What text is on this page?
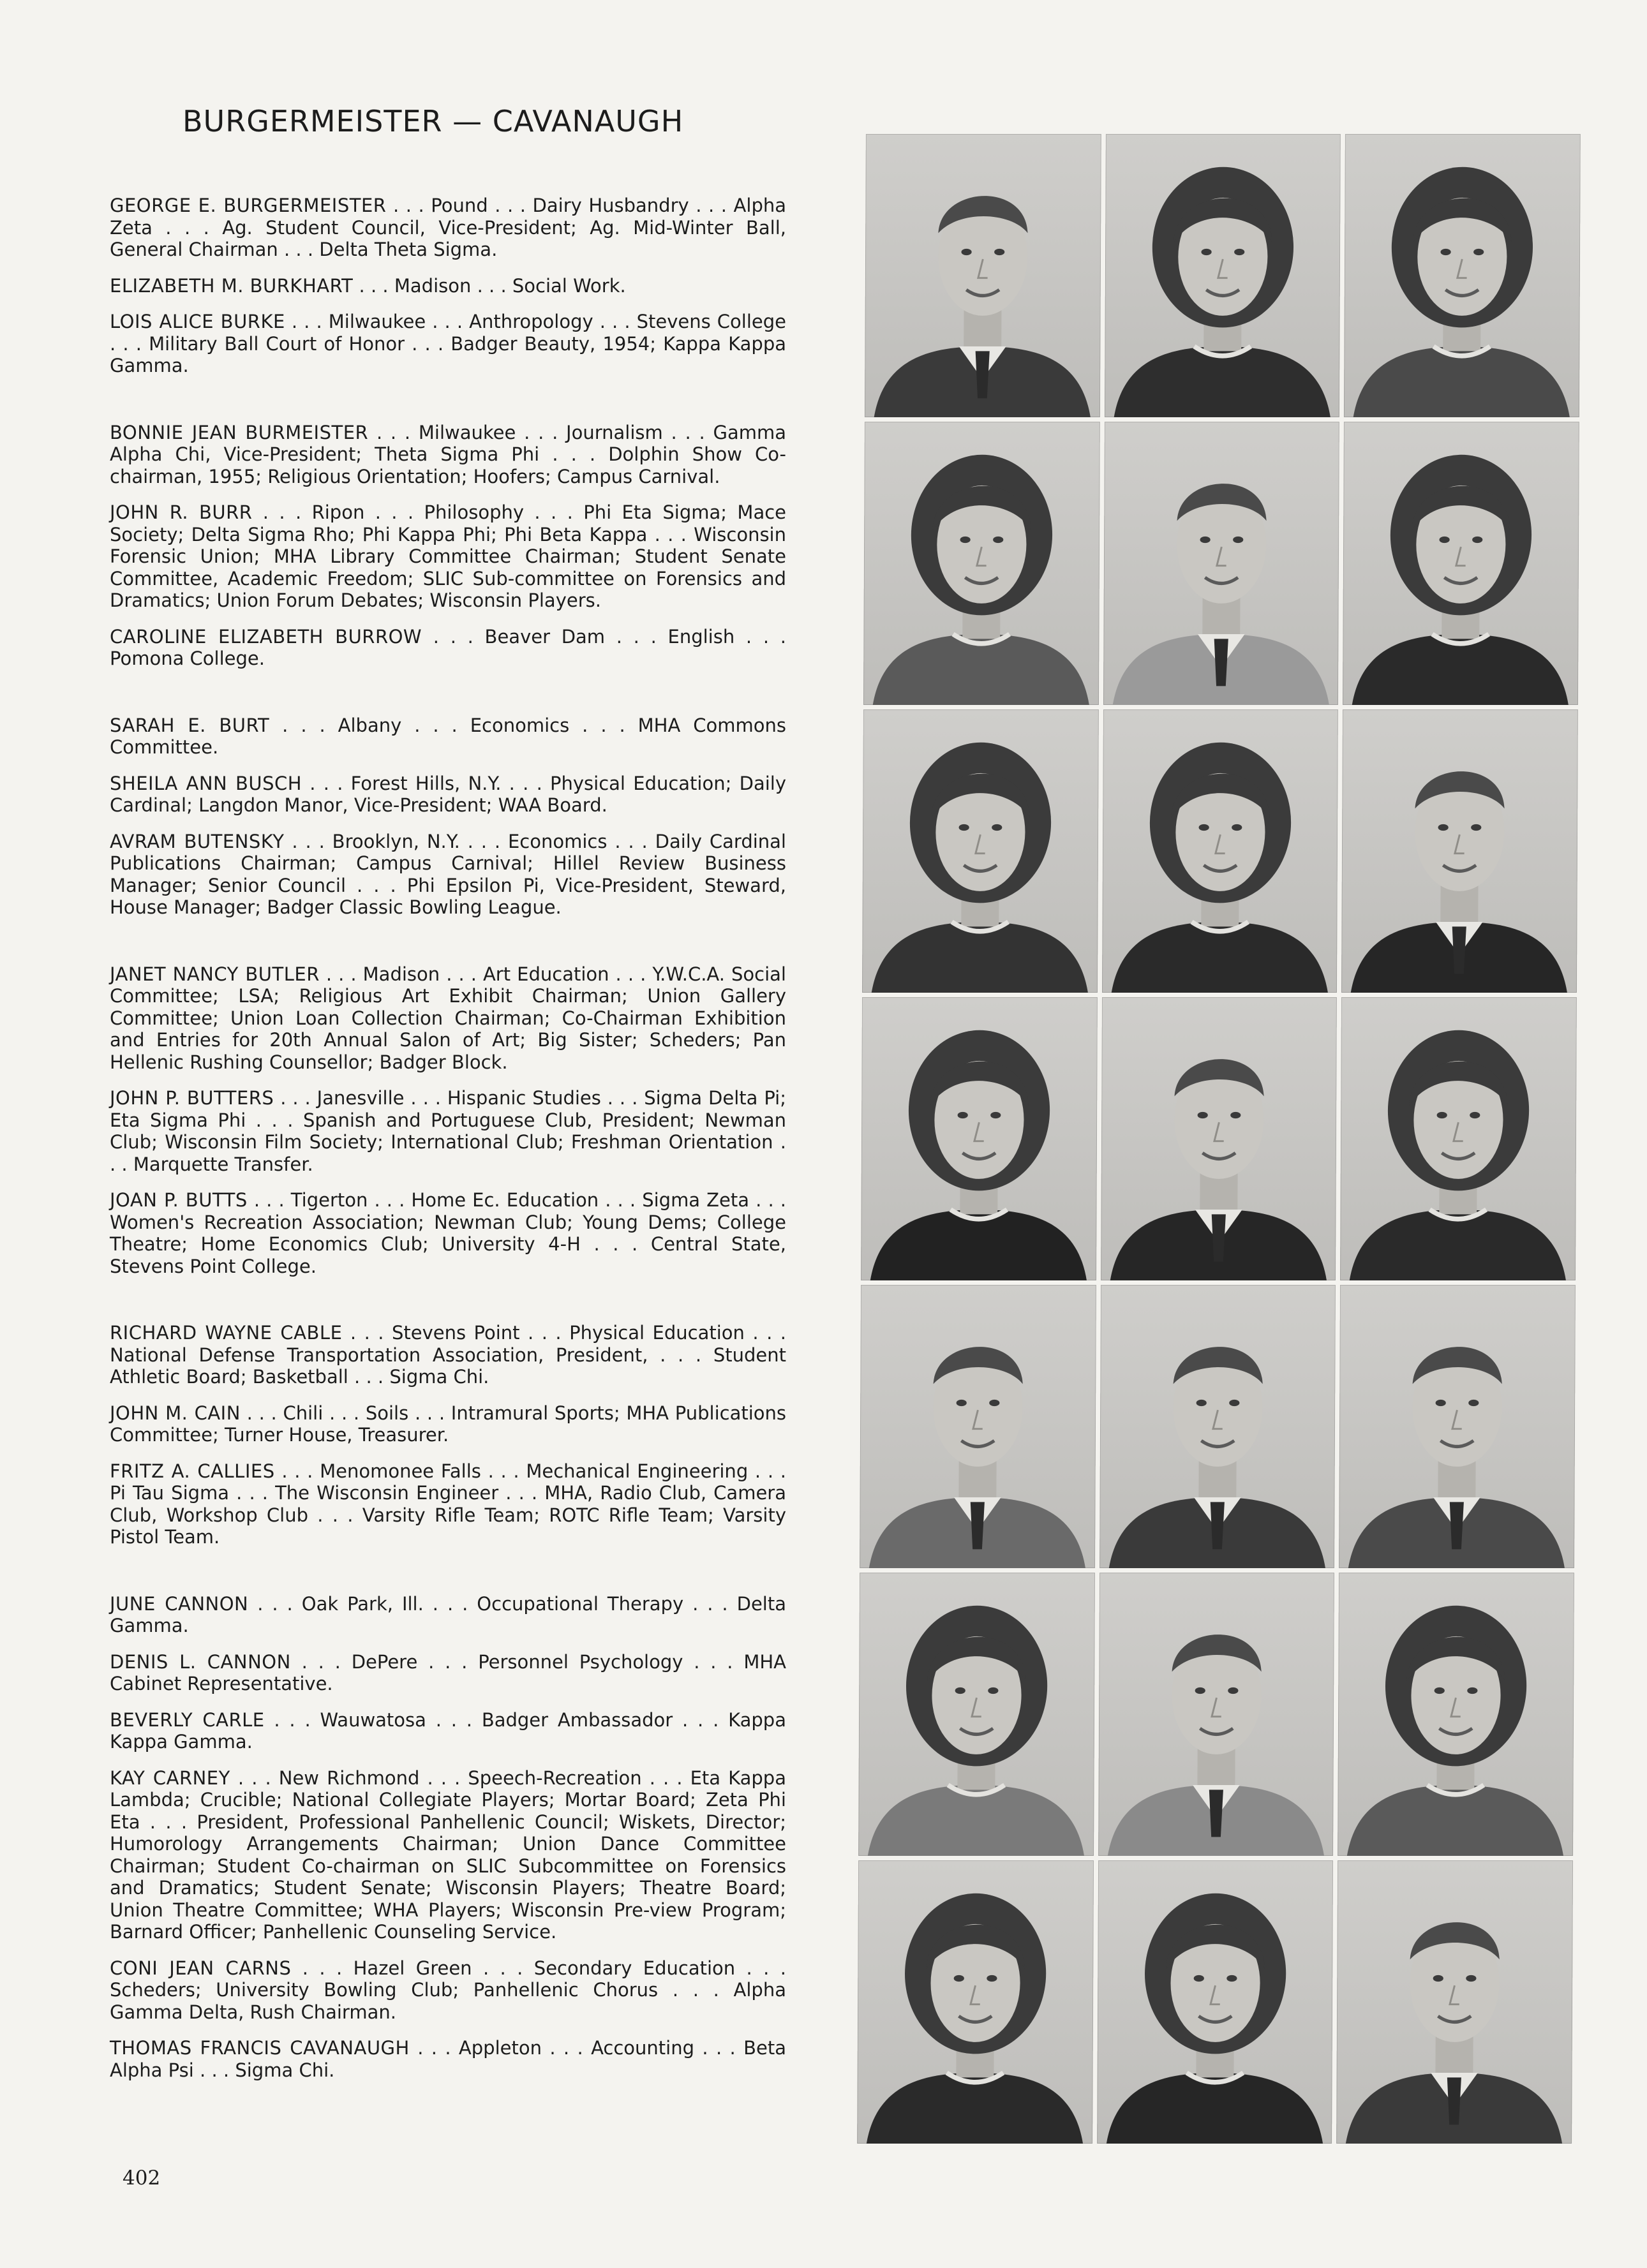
BURGERMEISTER — CAVANAUGH

GEORGE E. BURGERMEISTER . . . Pound . . . Dairy Husbandry . . . Alpha Zeta . . . Ag. Student Council, Vice-President; Ag. Mid-Winter Ball, General Chairman . . . Delta Theta Sigma.

ELIZABETH M. BURKHART . . . Madison . . . Social Work.

LOIS ALICE BURKE . . . Milwaukee . . . Anthropology . . . Stevens College . . . Military Ball Court of Honor . . . Badger Beauty, 1954; Kappa Kappa Gamma.

BONNIE JEAN BURMEISTER . . . Milwaukee . . . Journalism . . . Gamma Alpha Chi, Vice-President; Theta Sigma Phi . . . Dolphin Show Co-chairman, 1955; Religious Orientation; Hoofers; Campus Carnival.

JOHN R. BURR . . . Ripon . . . Philosophy . . . Phi Eta Sigma; Mace Society; Delta Sigma Rho; Phi Kappa Phi; Phi Beta Kappa . . . Wisconsin Forensic Union; MHA Library Committee Chairman; Student Senate Committee, Academic Freedom; SLIC Sub-committee on Forensics and Dramatics; Union Forum Debates; Wisconsin Players.

CAROLINE ELIZABETH BURROW . . . Beaver Dam . . . English . . . Pomona College.

SARAH E. BURT . . . Albany . . . Economics . . . MHA Commons Committee.

SHEILA ANN BUSCH . . . Forest Hills, N.Y. . . . Physical Education; Daily Cardinal; Langdon Manor, Vice-President; WAA Board.

AVRAM BUTENSKY . . . Brooklyn, N.Y. . . . Economics . . . Daily Cardinal Publications Chairman; Campus Carnival; Hillel Review Business Manager; Senior Council . . . Phi Epsilon Pi, Vice-President, Steward, House Manager; Badger Classic Bowling League.

JANET NANCY BUTLER . . . Madison . . . Art Education . . . Y.W.C.A. Social Committee; LSA; Religious Art Exhibit Chairman; Union Gallery Committee; Union Loan Collection Chairman; Co-Chairman Exhibition and Entries for 20th Annual Salon of Art; Big Sister; Scheders; Pan Hellenic Rushing Counsellor; Badger Block.

JOHN P. BUTTERS . . . Janesville . . . Hispanic Studies . . . Sigma Delta Pi; Eta Sigma Phi . . . Spanish and Portuguese Club, President; Newman Club; Wisconsin Film Society; International Club; Freshman Orientation . . . Marquette Transfer.

JOAN P. BUTTS . . . Tigerton . . . Home Ec. Education . . . Sigma Zeta . . . Women's Recreation Association; Newman Club; Young Dems; College Theatre; Home Economics Club; University 4-H . . . Central State, Stevens Point College.

RICHARD WAYNE CABLE . . . Stevens Point . . . Physical Education . . . National Defense Transportation Association, President, . . . Student Athletic Board; Basketball . . . Sigma Chi.

JOHN M. CAIN . . . Chili . . . Soils . . . Intramural Sports; MHA Publications Committee; Turner House, Treasurer.

FRITZ A. CALLIES . . . Menomonee Falls . . . Mechanical Engineering . . . Pi Tau Sigma . . . The Wisconsin Engineer . . . MHA, Radio Club, Camera Club, Workshop Club . . . Varsity Rifle Team; ROTC Rifle Team; Varsity Pistol Team.

JUNE CANNON . . . Oak Park, Ill. . . . Occupational Therapy . . . Delta Gamma.

DENIS L. CANNON . . . DePere . . . Personnel Psychology . . . MHA Cabinet Representative.

BEVERLY CARLE . . . Wauwatosa . . . Badger Ambassador . . . Kappa Kappa Gamma.

KAY CARNEY . . . New Richmond . . . Speech-Recreation . . . Eta Kappa Lambda; Crucible; National Collegiate Players; Mortar Board; Zeta Phi Eta . . . President, Professional Panhellenic Council; Wiskets, Director; Humorology Arrangements Chairman; Union Dance Committee Chairman; Student Co-chairman on SLIC Subcommittee on Forensics and Dramatics; Student Senate; Wisconsin Players; Theatre Board; Union Theatre Committee; WHA Players; Wisconsin Pre-view Program; Barnard Officer; Panhellenic Counseling Service.

CONI JEAN CARNS . . . Hazel Green . . . Secondary Education . . . Scheders; University Bowling Club; Panhellenic Chorus . . . Alpha Gamma Delta, Rush Chairman.

THOMAS FRANCIS CAVANAUGH . . . Appleton . . . Accounting . . . Beta Alpha Psi . . . Sigma Chi.

402
